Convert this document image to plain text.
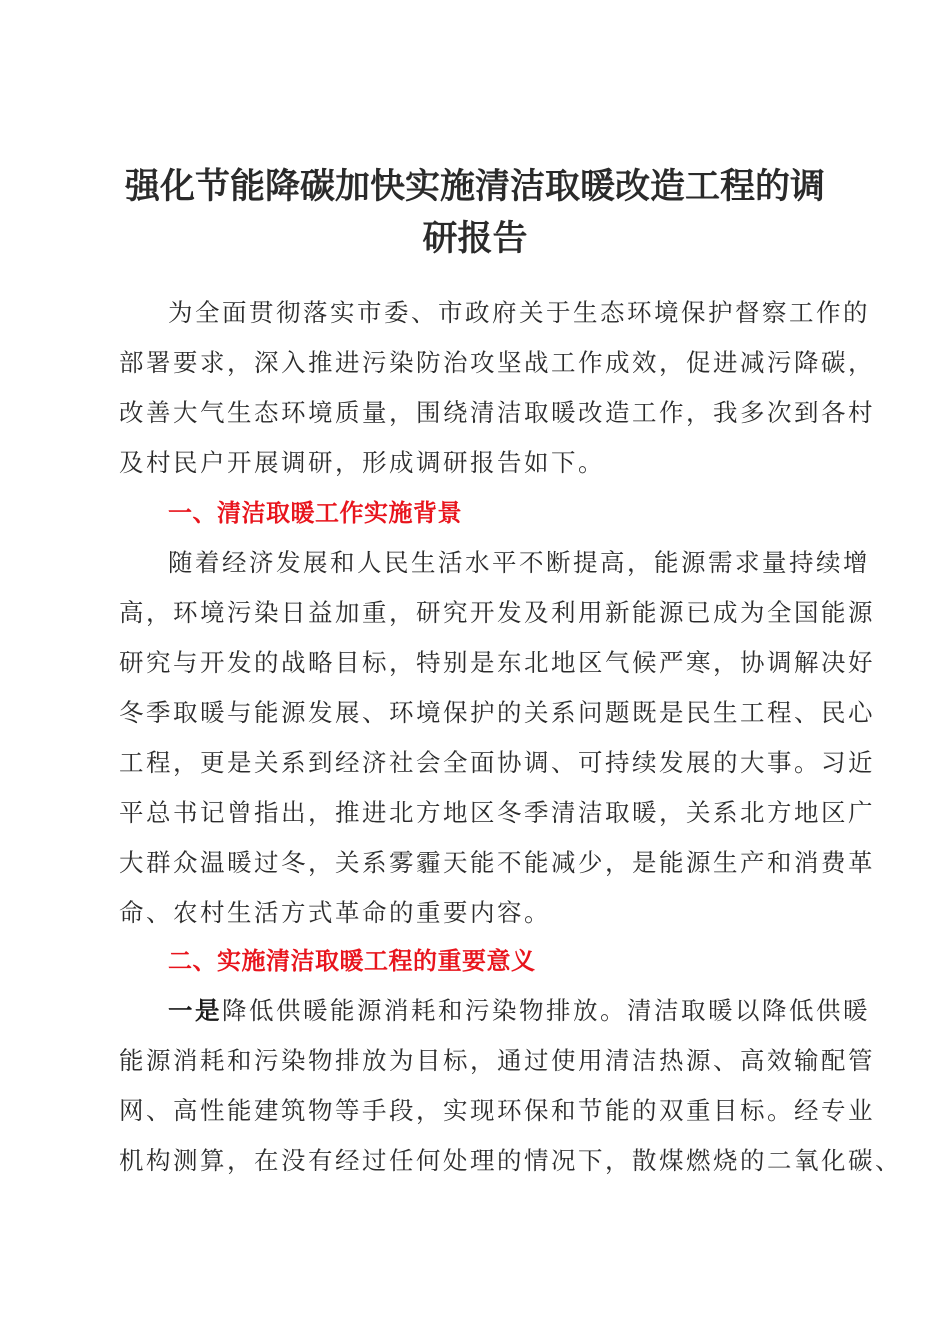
强化节能降碳加快实施清洁取暖改造工程的调
研报告

为全面贯彻落实市委、市政府关于生态环境保护督察工作的

部署要求，深入推进污染防治攻坚战工作成效，促进减污降碳，

改善大气生态环境质量，围绕清洁取暖改造工作，我多次到各村

及村民户开展调研，形成调研报告如下。

一、清洁取暖工作实施背景

随着经济发展和人民生活水平不断提高，能源需求量持续增

高，环境污染日益加重，研究开发及利用新能源已成为全国能源

研究与开发的战略目标，特别是东北地区气候严寒，协调解决好

冬季取暖与能源发展、环境保护的关系问题既是民生工程、民心

工程，更是关系到经济社会全面协调、可持续发展的大事。习近

平总书记曾指出，推进北方地区冬季清洁取暖，关系北方地区广

大群众温暖过冬，关系雾霾天能不能减少，是能源生产和消费革

命、农村生活方式革命的重要内容。

二、实施清洁取暖工程的重要意义

一是降低供暖能源消耗和污染物排放。清洁取暖以降低供暖

能源消耗和污染物排放为目标，通过使用清洁热源、高效输配管

网、高性能建筑物等手段，实现环保和节能的双重目标。经专业

机构测算，在没有经过任何处理的情况下，散煤燃烧的二氧化碳、
